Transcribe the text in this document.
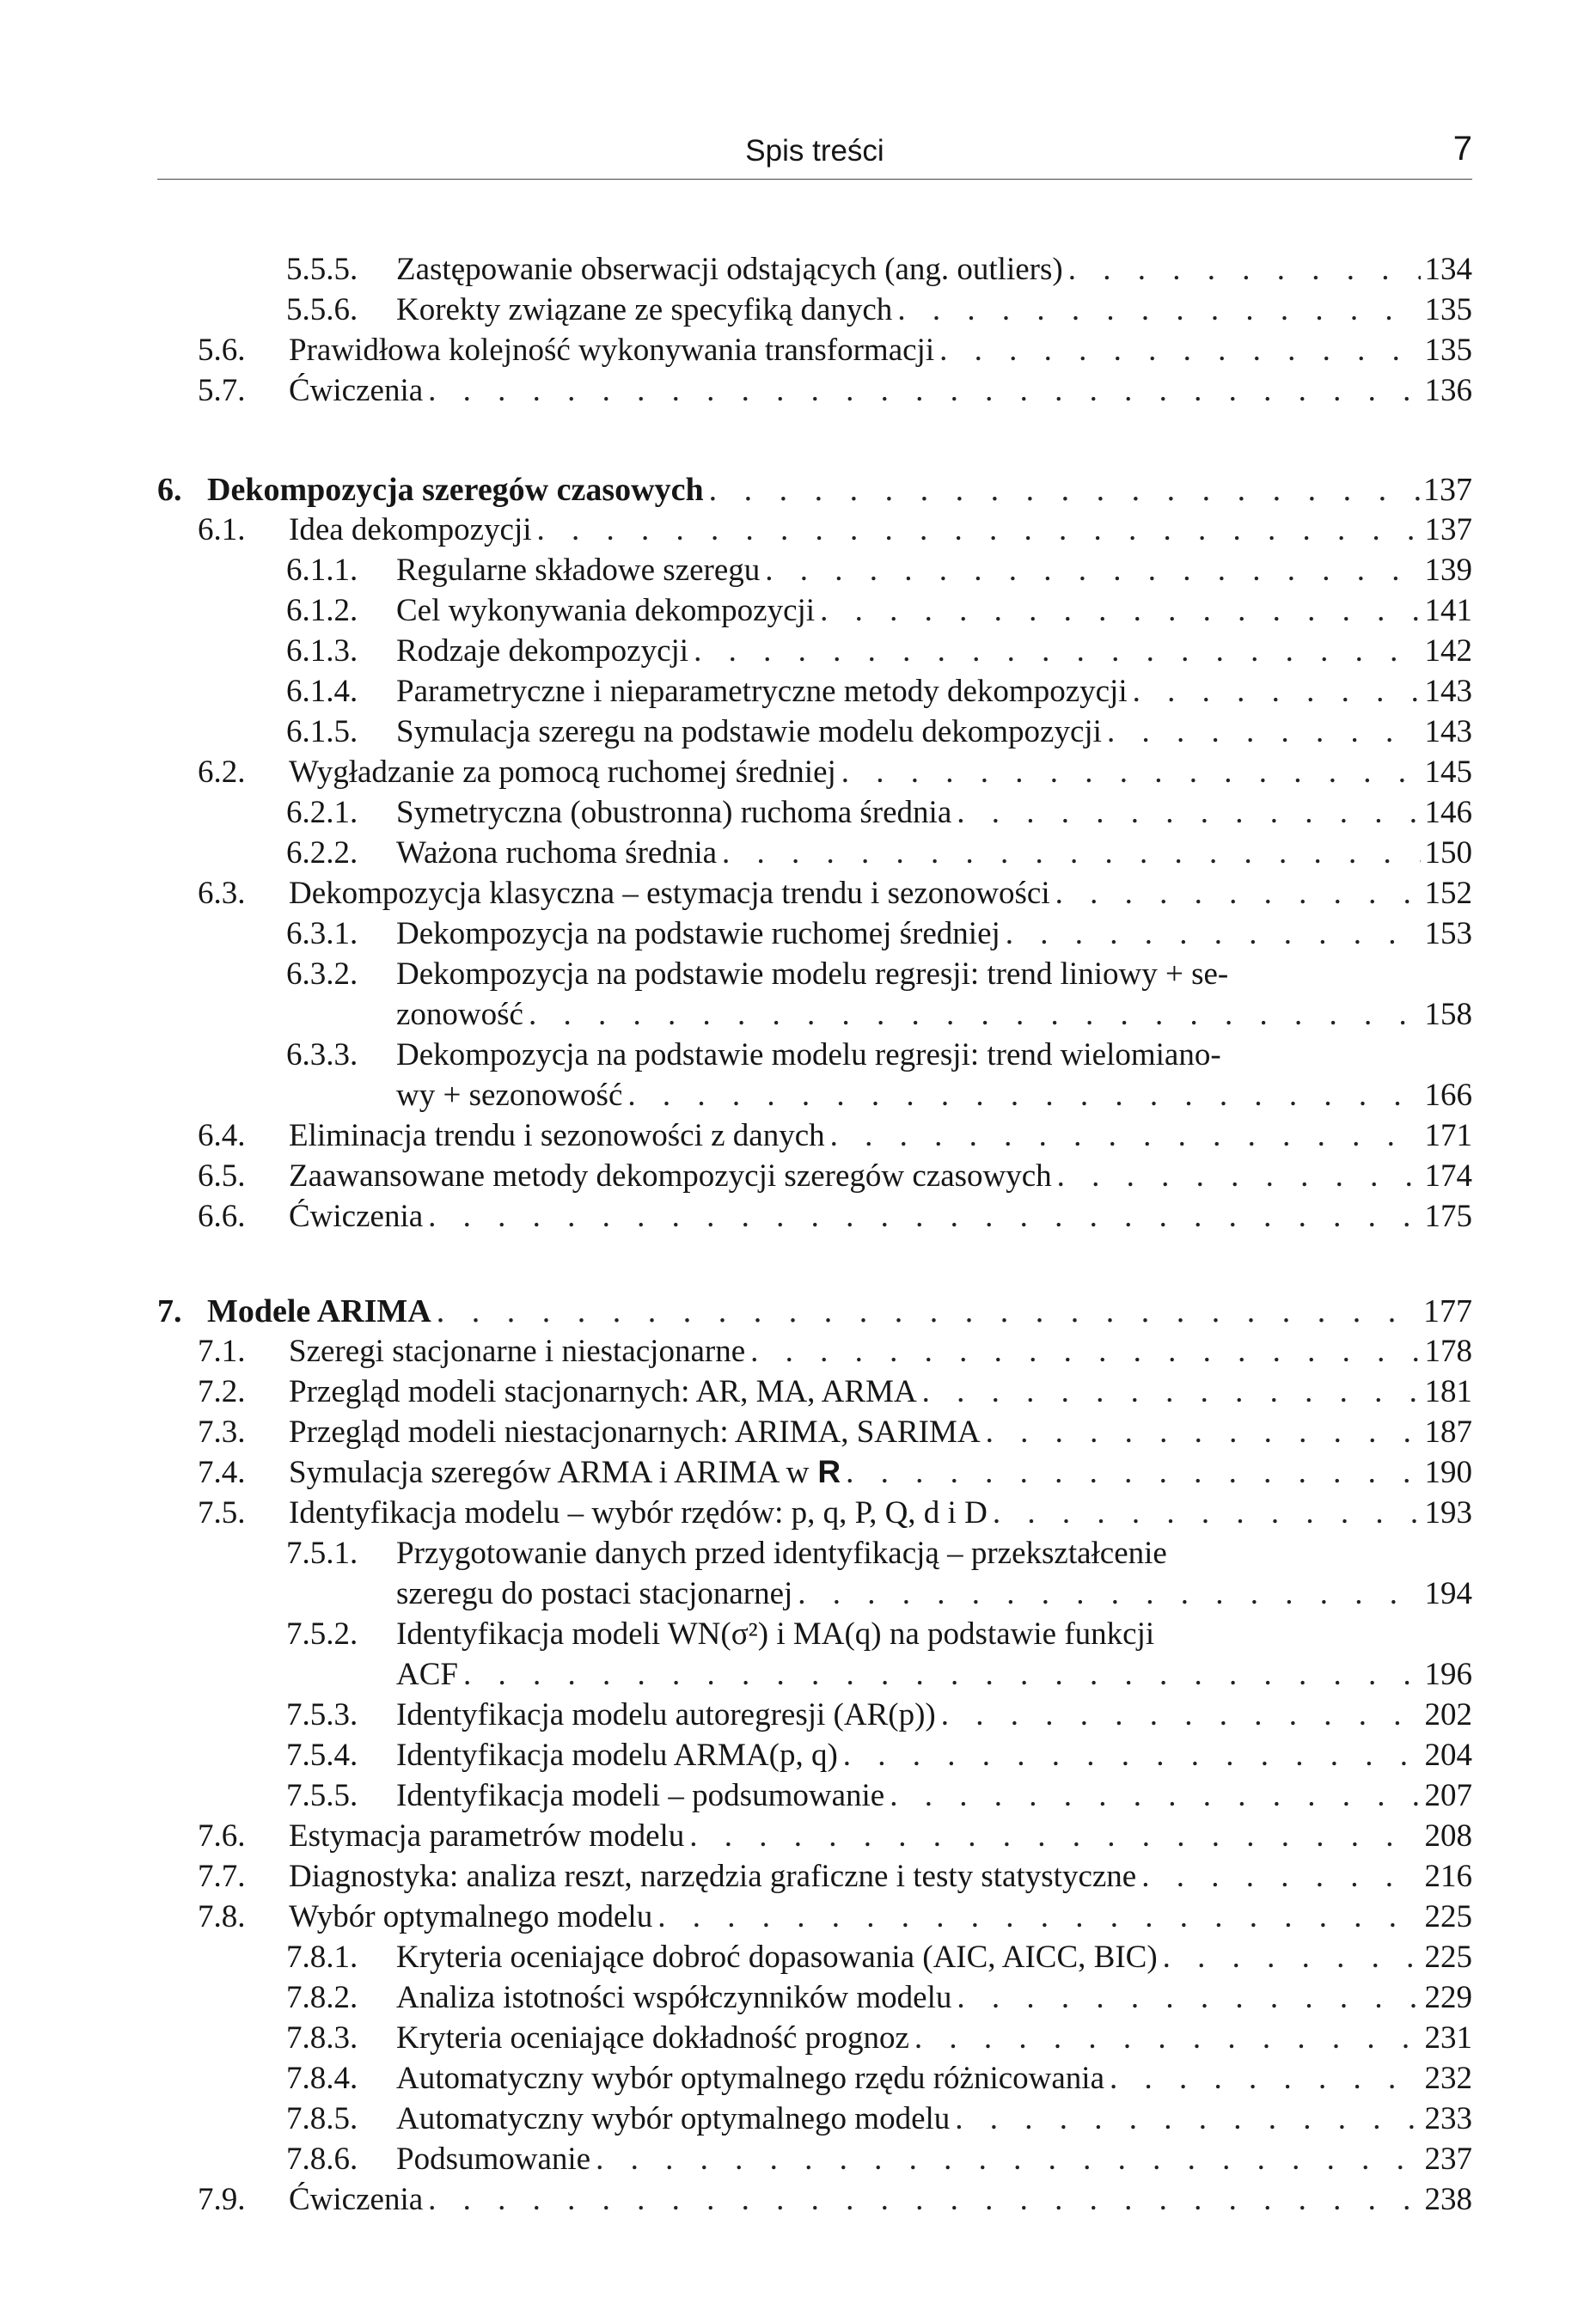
Spis treści	7
5.5.5.	Zastępowanie obserwacji odstających (ang. outliers) . . .	134
5.5.6.	Korekty związane ze specyfiką danych . . .	135
5.6.	Prawidłowa kolejność wykonywania transformacji . . .	135
5.7.	Ćwiczenia . . .	136
6. Dekompozycja szeregów czasowych . . .	137
6.1.	Idea dekompozycji . . .	137
6.1.1.	Regularne składowe szeregu . . .	139
6.1.2.	Cel wykonywania dekompozycji . . .	141
6.1.3.	Rodzaje dekompozycji . . .	142
6.1.4.	Parametryczne i nieparametryczne metody dekompozycji . . .	143
6.1.5.	Symulacja szeregu na podstawie modelu dekompozycji . . .	143
6.2.	Wygładzanie za pomocą ruchomej średniej . . .	145
6.2.1.	Symetryczna (obustronna) ruchoma średnia . . .	146
6.2.2.	Ważona ruchoma średnia . . .	150
6.3.	Dekompozycja klasyczna – estymacja trendu i sezonowości . . .	152
6.3.1.	Dekompozycja na podstawie ruchomej średniej . . .	153
6.3.2.	Dekompozycja na podstawie modelu regresji: trend liniowy + se-
zonowość . . .	158
6.3.3.	Dekompozycja na podstawie modelu regresji: trend wielomiano-
wy + sezonowość . . .	166
6.4.	Eliminacja trendu i sezonowości z danych . . .	171
6.5.	Zaawansowane metody dekompozycji szeregów czasowych . . .	174
6.6.	Ćwiczenia . . .	175
7. Modele ARIMA . . .	177
7.1.	Szeregi stacjonarne i niestacjonarne . . .	178
7.2.	Przegląd modeli stacjonarnych: AR, MA, ARMA . . .	181
7.3.	Przegląd modeli niestacjonarnych: ARIMA, SARIMA . . .	187
7.4.	Symulacja szeregów ARMA i ARIMA w R . . .	190
7.5.	Identyfikacja modelu – wybór rzędów: p, q, P, Q, d i D . . .	193
7.5.1.	Przygotowanie danych przed identyfikacją – przekształcenie
szeregu do postaci stacjonarnej . . .	194
7.5.2.	Identyfikacja modeli WN(σ²) i MA(q) na podstawie funkcji
ACF . . .	196
7.5.3.	Identyfikacja modelu autoregresji (AR(p)) . . .	202
7.5.4.	Identyfikacja modelu ARMA(p, q) . . .	204
7.5.5.	Identyfikacja modeli – podsumowanie . . .	207
7.6.	Estymacja parametrów modelu . . .	208
7.7.	Diagnostyka: analiza reszt, narzędzia graficzne i testy statystyczne . . .	216
7.8.	Wybór optymalnego modelu . . .	225
7.8.1.	Kryteria oceniające dobroć dopasowania (AIC, AICC, BIC) . . .	225
7.8.2.	Analiza istotności współczynników modelu . . .	229
7.8.3.	Kryteria oceniające dokładność prognoz . . .	231
7.8.4.	Automatyczny wybór optymalnego rzędu różnicowania . . .	232
7.8.5.	Automatyczny wybór optymalnego modelu . . .	233
7.8.6.	Podsumowanie . . .	237
7.9.	Ćwiczenia . . .	238
